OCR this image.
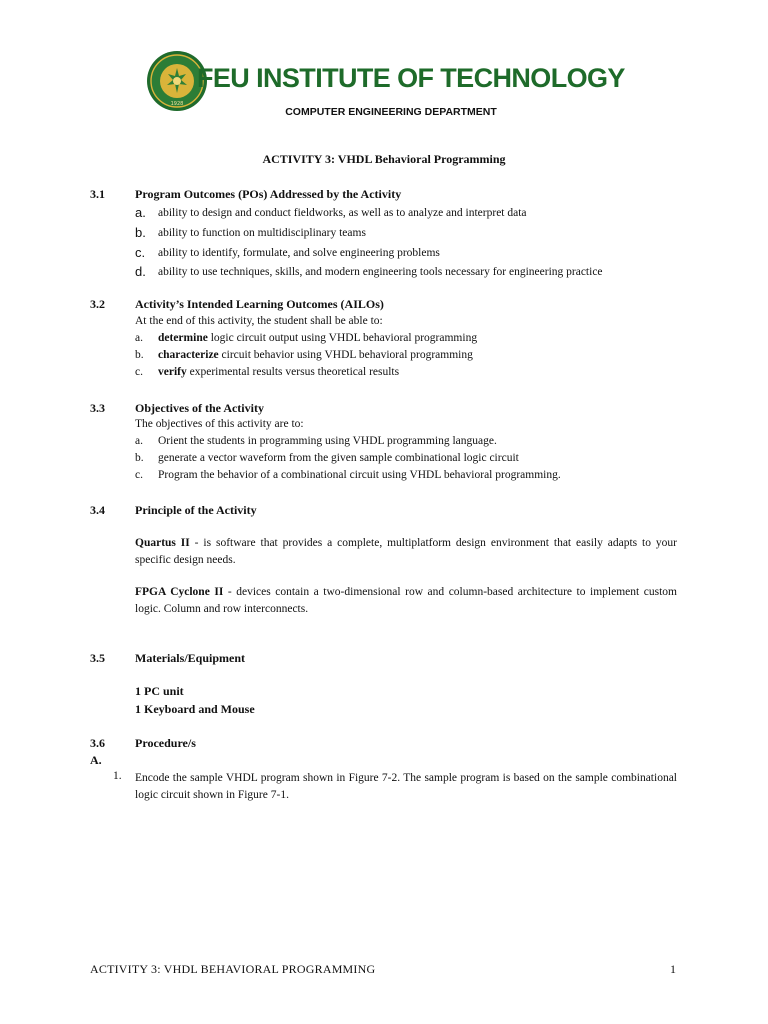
1928
FEU INSTITUTE OF TECHNOLOGY
COMPUTER ENGINEERING DEPARTMENT
ACTIVITY 3: VHDL Behavioral Programming
3.1	Program Outcomes (POs) Addressed by the Activity
a. ability to design and conduct fieldworks, as well as to analyze and interpret data
b. ability to function on multidisciplinary teams
c. ability to identify, formulate, and solve engineering problems
d. ability to use techniques, skills, and modern engineering tools necessary for engineering practice
3.2	Activity’s Intended Learning Outcomes (AILOs)
At the end of this activity, the student shall be able to:
a. determine logic circuit output using VHDL behavioral programming
b. characterize circuit behavior using VHDL behavioral programming
c. verify experimental results versus theoretical results
3.3	Objectives of the Activity
The objectives of this activity are to:
a. Orient the students in programming using VHDL programming language.
b. generate a vector waveform from the given sample combinational logic circuit
c. Program the behavior of a combinational circuit using VHDL behavioral programming.
3.4	Principle of the Activity
Quartus II - is software that provides a complete, multiplatform design environment that easily adapts to your specific design needs.
FPGA Cyclone II - devices contain a two-dimensional row and column-based architecture to implement custom logic. Column and row interconnects.
3.5	Materials/Equipment
1 PC unit
1 Keyboard and Mouse
3.6	Procedure/s
A.
1. Encode the sample VHDL program shown in Figure 7-2. The sample program is based on the sample combinational logic circuit shown in Figure 7-1.
ACTIVITY 3: VHDL BEHAVIORAL PROGRAMMING	1
